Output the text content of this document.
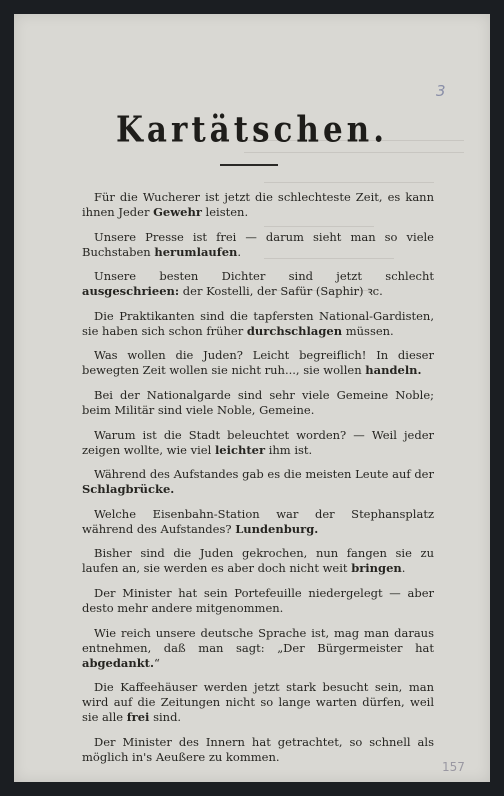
3
Kartätschen.

Für die Wucherer ist jetzt die schlechteste Zeit, es kann ihnen Jeder Gewehr leisten.

Unsere Presse ist frei — darum sieht man so viele Buchstaben herumlaufen.

Unsere besten Dichter sind jetzt schlecht ausgeschrieen: der Kostelli, der Safür (Saphir) ꝛc.

Die Praktikanten sind die tapfersten National-Gardisten, sie haben sich schon früher durchschlagen müssen.

Was wollen die Juden? Leicht begreiflich! In dieser bewegten Zeit wollen sie nicht ruh..., sie wollen handeln.

Bei der Nationalgarde sind sehr viele Gemeine Noble; beim Militär sind viele Noble, Gemeine.

Warum ist die Stadt beleuchtet worden? — Weil jeder zeigen wollte, wie viel leichter ihm ist.

Während des Aufstandes gab es die meisten Leute auf der Schlagbrücke.

Welche Eisenbahn-Station war der Stephansplatz während des Aufstandes? Lundenburg.

Bisher sind die Juden gekrochen, nun fangen sie zu laufen an, sie werden es aber doch nicht weit bringen.

Der Minister hat sein Portefeuille niedergelegt — aber desto mehr andere mitgenommen.

Wie reich unsere deutsche Sprache ist, mag man daraus entnehmen, daß man sagt: „Der Bürgermeister hat abgedankt.“

Die Kaffeehäuser werden jetzt stark besucht sein, man wird auf die Zeitungen nicht so lange warten dürfen, weil sie alle frei sind.

Der Minister des Innern hat getrachtet, so schnell als möglich in's Aeußere zu kommen.

157
